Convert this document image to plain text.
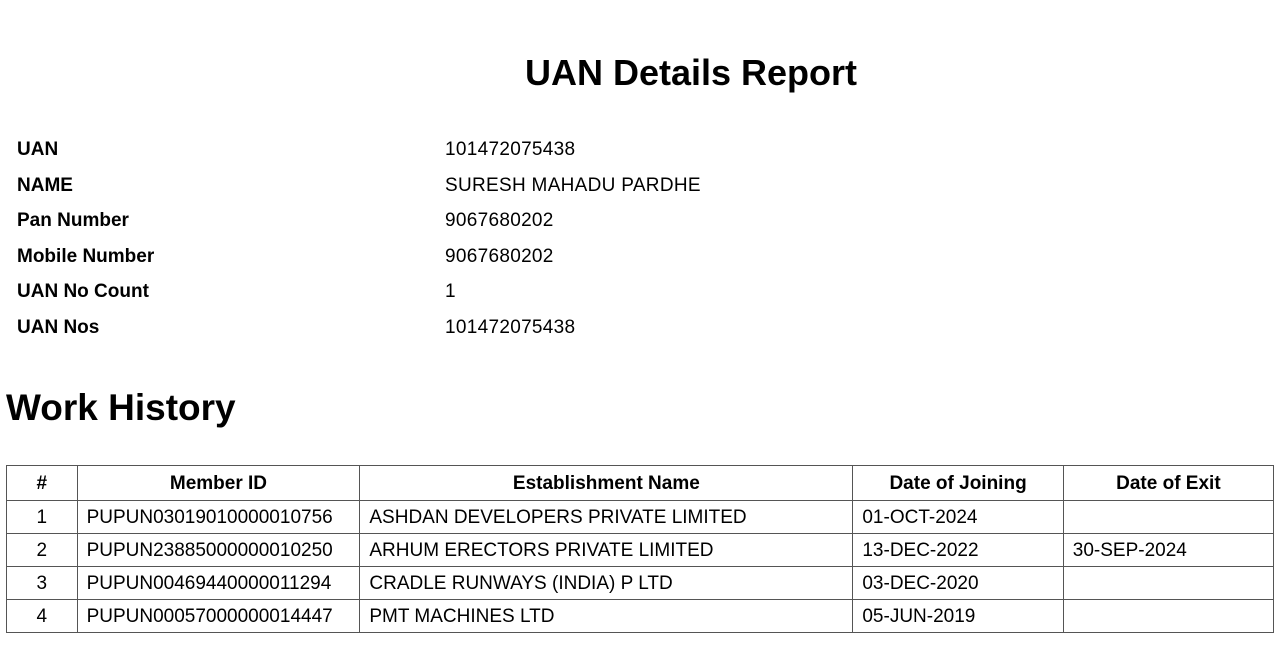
UAN Details Report
UAN	101472075438
NAME	SURESH MAHADU PARDHE
Pan Number	9067680202
Mobile Number	9067680202
UAN No Count	1
UAN Nos	101472075438
Work History
#	Member ID	Establishment Name	Date of Joining	Date of Exit
1	PUPUN03019010000010756	ASHDAN DEVELOPERS PRIVATE LIMITED	01-OCT-2024	
2	PUPUN23885000000010250	ARHUM ERECTORS PRIVATE LIMITED	13-DEC-2022	30-SEP-2024
3	PUPUN00469440000011294	CRADLE RUNWAYS (INDIA) P LTD	03-DEC-2020	
4	PUPUN00057000000014447	PMT MACHINES LTD	05-JUN-2019	
